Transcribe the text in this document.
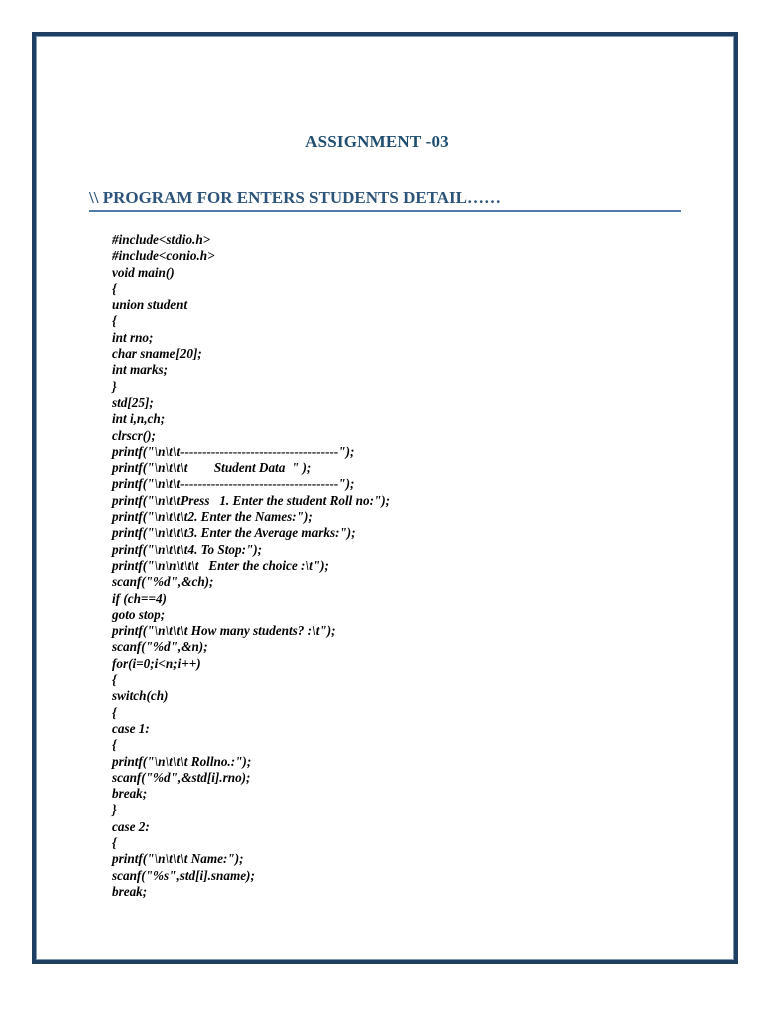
ASSIGNMENT -03
\\ PROGRAM FOR ENTERS STUDENTS DETAIL……
#include<stdio.h>
#include<conio.h>
void main()
{
union student
{
int rno;
char sname[20];
int marks;
}
std[25];
int i,n,ch;
clrscr();
printf("\n\t\t------------------------------------");
printf("\n\t\t\t        Student Data  " );
printf("\n\t\t------------------------------------");
printf("\n\t\tPress   1. Enter the student Roll no:");
printf("\n\t\t\t2. Enter the Names:");
printf("\n\t\t\t3. Enter the Average marks:");
printf("\n\t\t\t4. To Stop:");
printf("\n\n\t\t\t   Enter the choice :\t");
scanf("%d",&ch);
if (ch==4)
goto stop;
printf("\n\t\t\t How many students? :\t");
scanf("%d",&n);
for(i=0;i<n;i++)
{
switch(ch)
{
case 1:
{
printf("\n\t\t\t Rollno.:");
scanf("%d",&std[i].rno);
break;
}
case 2:
{
printf("\n\t\t\t Name:");
scanf("%s",std[i].sname);
break;
